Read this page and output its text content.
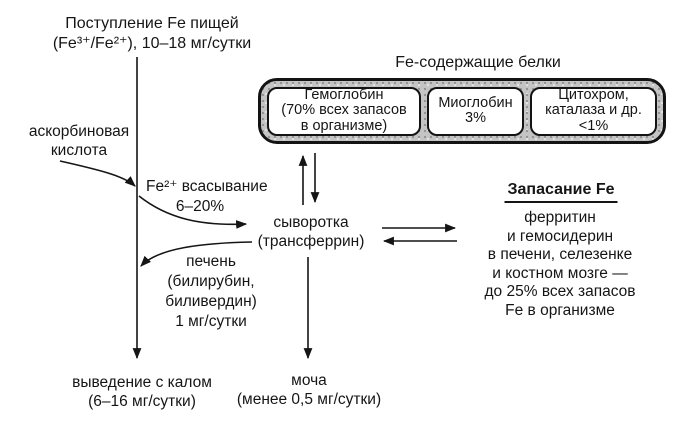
Поступление Fe пищей
(Fe³⁺/Fe²⁺), 10–18 мг/сутки
аскорбиновая
кислота
Fe²⁺ всасывание
6–20%
сыворотка
(трансферрин)
печень
(билирубин,
биливердин)
1 мг/сутки
выведение с калом
(6–16 мг/сутки)
моча
(менее 0,5 мг/сутки)
Fe-содержащие белки
Гемоглобин
(70% всех запасов
в организме)
Миоглобин
3%
Цитохром,
каталаза и др.
<1%
Запасание Fe
ферритин
и гемосидерин
в печени, селезенке
и костном мозге —
до 25% всех запасов
Fe в организме
